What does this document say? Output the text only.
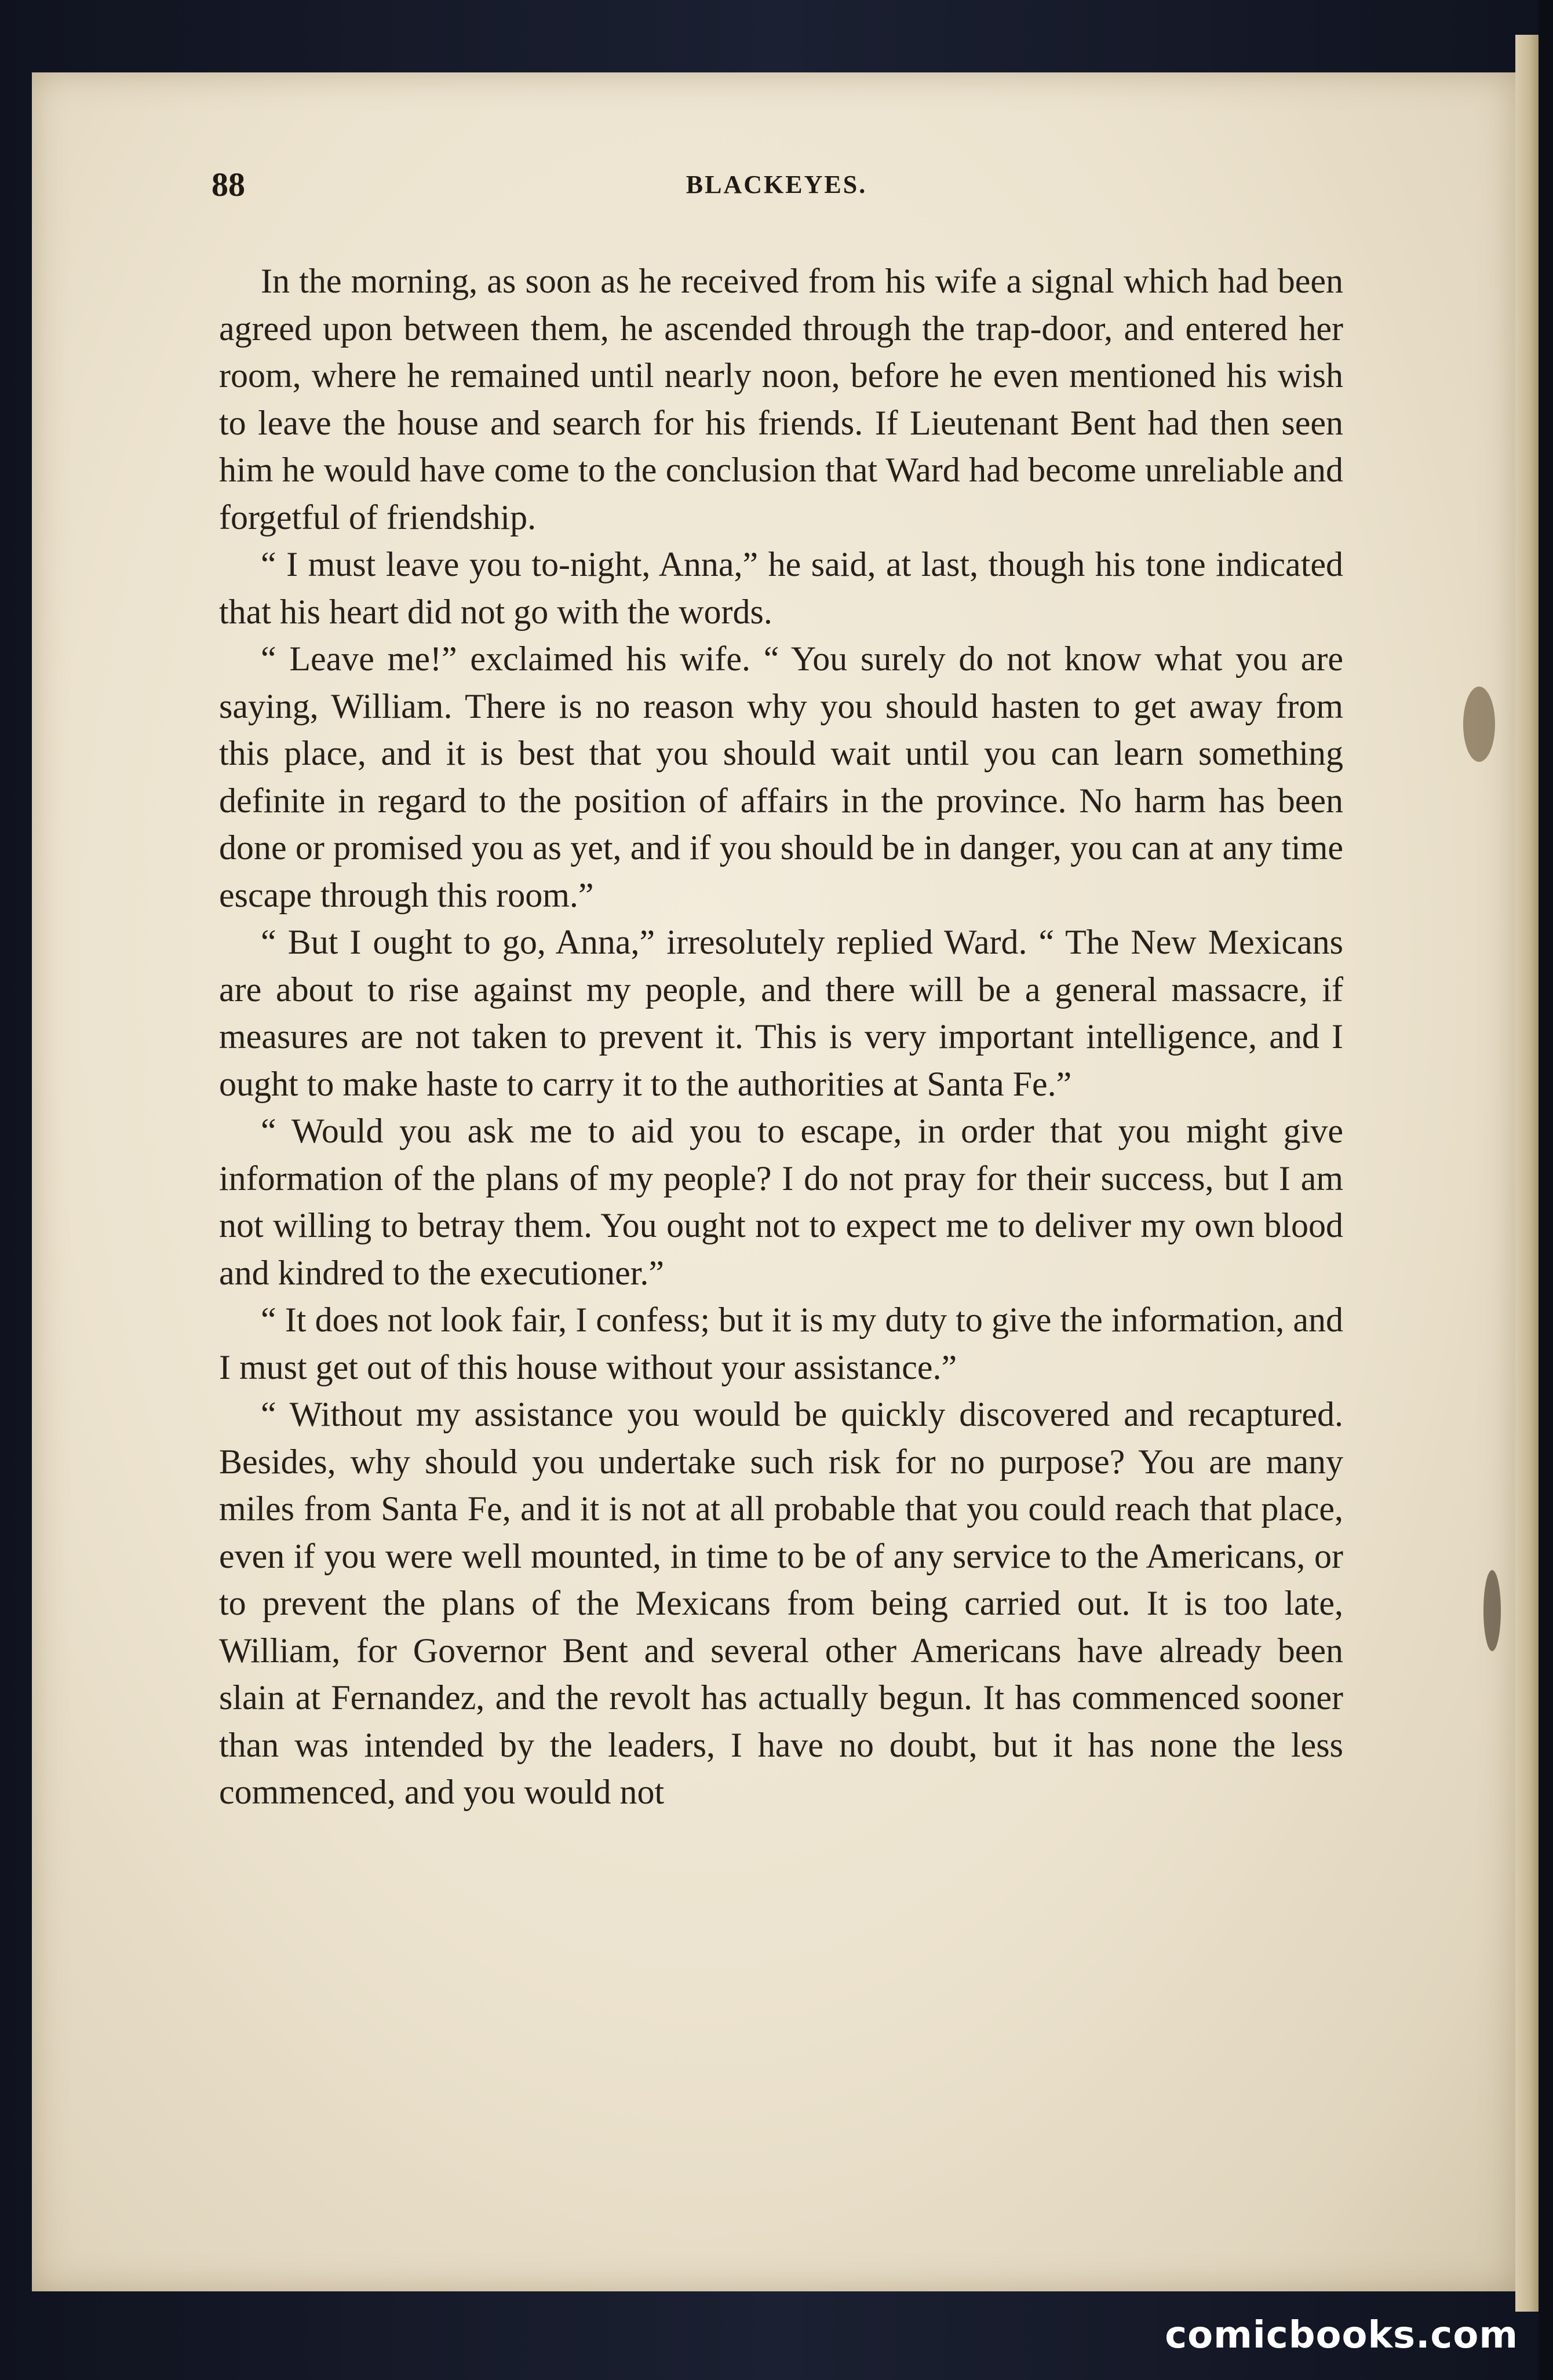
88	BLACKEYES.

In the morning, as soon as he received from his wife a signal which had been agreed upon between them, he ascended through the trap-door, and entered her room, where he remained until nearly noon, before he even mentioned his wish to leave the house and search for his friends. If Lieutenant Bent had then seen him he would have come to the conclusion that Ward had become unreliable and forgetful of friendship.

“ I must leave you to-night, Anna,” he said, at last, though his tone indicated that his heart did not go with the words.

“ Leave me!” exclaimed his wife. “ You surely do not know what you are saying, William. There is no reason why you should hasten to get away from this place, and it is best that you should wait until you can learn something definite in regard to the position of affairs in the province. No harm has been done or promised you as yet, and if you should be in danger, you can at any time escape through this room.”

“ But I ought to go, Anna,” irresolutely replied Ward. “ The New Mexicans are about to rise against my people, and there will be a general massacre, if measures are not taken to prevent it. This is very important intelligence, and I ought to make haste to carry it to the authorities at Santa Fe.”

“ Would you ask me to aid you to escape, in order that you might give information of the plans of my people? I do not pray for their success, but I am not willing to betray them. You ought not to expect me to deliver my own blood and kindred to the executioner.”

“ It does not look fair, I confess; but it is my duty to give the information, and I must get out of this house without your assistance.”

“ Without my assistance you would be quickly discovered and recaptured. Besides, why should you undertake such risk for no purpose? You are many miles from Santa Fe, and it is not at all probable that you could reach that place, even if you were well mounted, in time to be of any service to the Americans, or to prevent the plans of the Mexicans from being carried out. It is too late, William, for Governor Bent and several other Americans have already been slain at Fernandez, and the revolt has actually begun. It has commenced sooner than was intended by the leaders, I have no doubt, but it has none the less commenced, and you would not

comicbooks.com
